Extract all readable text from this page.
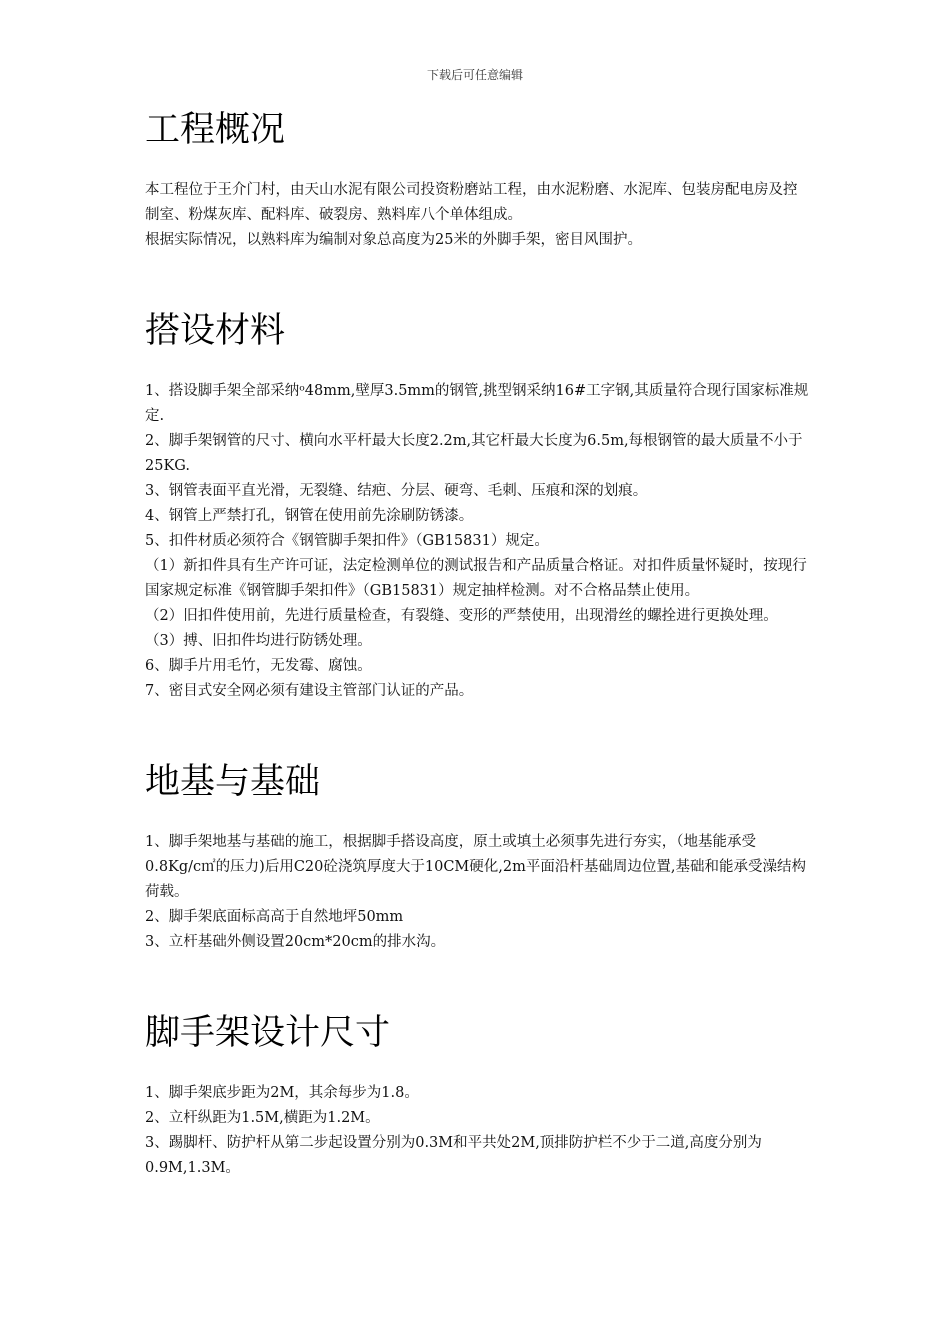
下载后可任意编辑
工程概况

本工程位于王介门村，由天山水泥有限公司投资粉磨站工程，由水泥粉磨、水泥库、包装房配电房及控制室、粉煤灰库、配料库、破裂房、熟料库八个单体组成。

根据实际情况，以熟料库为编制对象总高度为25米的外脚手架，密目风围护。

搭设材料

1、搭设脚手架全部采纳ᵒ48mm,壁厚3.5mm的钢管,挑型钢采纳16#工字钢,其质量符合现行国家标准规定.

2、脚手架钢管的尺寸、横向水平杆最大长度2.2m,其它杆最大长度为6.5m,每根钢管的最大质量不小于25KG.

3、钢管表面平直光滑，无裂缝、结疤、分层、硬弯、毛刺、压痕和深的划痕。

4、钢管上严禁打孔，钢管在使用前先涂刷防锈漆。

5、扣件材质必须符合《钢管脚手架扣件》（GB15831）规定。

（1）新扣件具有生产许可证，法定检测单位的测试报告和产品质量合格证。对扣件质量怀疑时，按现行国家规定标准《钢管脚手架扣件》（GB15831）规定抽样检测。对不合格品禁止使用。

（2）旧扣件使用前，先进行质量检查，有裂缝、变形的严禁使用，出现滑丝的螺拴进行更换处理。

（3）搏、旧扣件均进行防锈处理。

6、脚手片用毛竹，无发霉、腐蚀。

7、密目式安全网必须有建设主管部门认证的产品。

地基与基础

1、脚手架地基与基础的施工，根据脚手搭设高度，原土或填土必须事先进行夯实，（地基能承受0.8Kg/c㎡的压力)后用C20砼浇筑厚度大于10CM硬化,2m平面沿杆基础周边位置,基础和能承受澡结构荷载。

2、脚手架底面标高高于自然地坪50mm

3、立杆基础外侧设置20cm*20cm的排水沟。

脚手架设计尺寸

1、脚手架底步距为2M，其余每步为1.8。

2、立杆纵距为1.5M,横距为1.2M。

3、踢脚杆、防护杆从第二步起设置分别为0.3M和平共处2M,顶排防护栏不少于二道,高度分别为0.9M,1.3M。
